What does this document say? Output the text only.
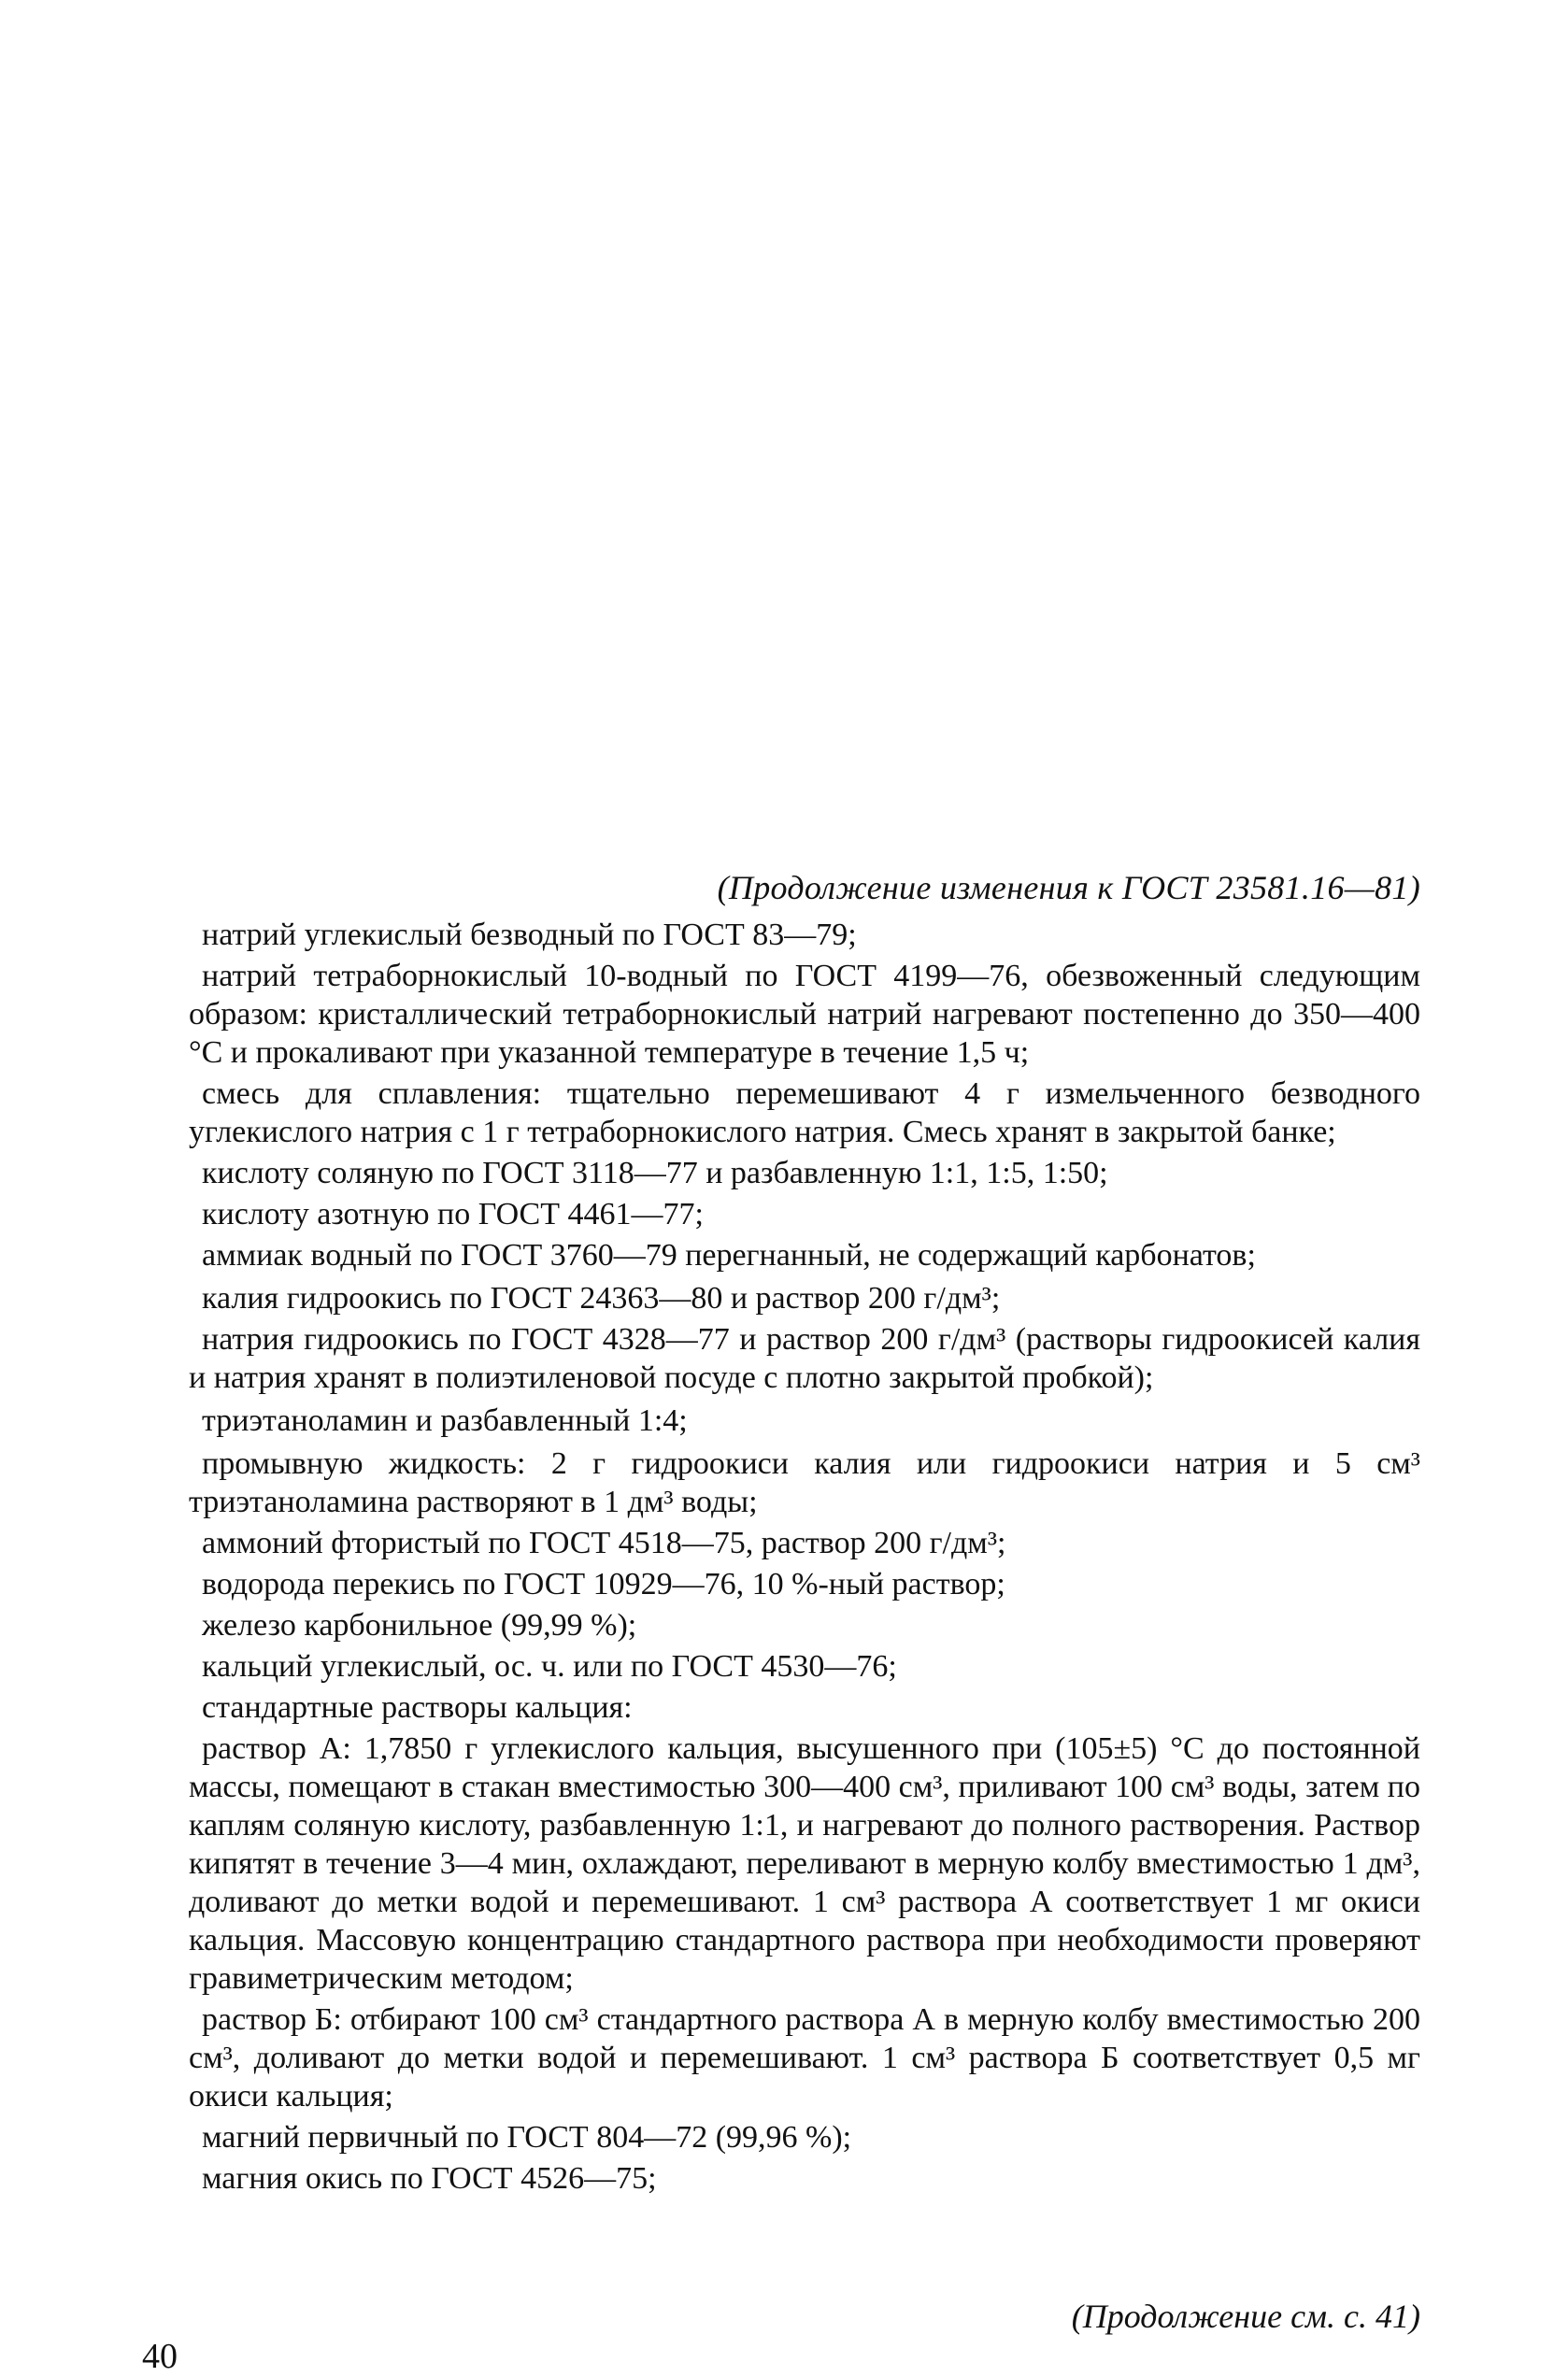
(Продолжение изменения к ГОСТ 23581.16—81)

натрий углекислый безводный по ГОСТ 83—79;

натрий тетраборнокислый 10-водный по ГОСТ 4199—76, обезвоженный следующим образом: кристаллический тетраборнокислый натрий нагревают постепенно до 350—400 °С и прокаливают при указанной температуре в течение 1,5 ч;

смесь для сплавления: тщательно перемешивают 4 г измельченного безводного углекислого натрия с 1 г тетраборнокислого натрия. Смесь хранят в закрытой банке;

кислоту соляную по ГОСТ 3118—77 и разбавленную 1:1, 1:5, 1:50;

кислоту азотную по ГОСТ 4461—77;

аммиак водный по ГОСТ 3760—79 перегнанный, не содержащий карбонатов;

калия гидроокись по ГОСТ 24363—80 и раствор 200 г/дм³;

натрия гидроокись по ГОСТ 4328—77 и раствор 200 г/дм³ (растворы гидроокисей калия и натрия хранят в полиэтиленовой посуде с плотно закрытой пробкой);

триэтаноламин и разбавленный 1:4;

промывную жидкость: 2 г гидроокиси калия или гидроокиси натрия и 5 см³ триэтаноламина растворяют в 1 дм³ воды;

аммоний фтористый по ГОСТ 4518—75, раствор 200 г/дм³;

водорода перекись по ГОСТ 10929—76, 10 %-ный раствор;

железо карбонильное (99,99 %);

кальций углекислый, ос. ч. или по ГОСТ 4530—76;

стандартные растворы кальция:

раствор А: 1,7850 г углекислого кальция, высушенного при (105±5) °С до постоянной массы, помещают в стакан вместимостью 300—400 см³, приливают 100 см³ воды, затем по каплям соляную кислоту, разбавленную 1:1, и нагревают до полного растворения. Раствор кипятят в течение 3—4 мин, охлаждают, переливают в мерную колбу вместимостью 1 дм³, доливают до метки водой и перемешивают. 1 см³ раствора А соответствует 1 мг окиси кальция. Массовую концентрацию стандартного раствора при необходимости проверяют гравиметрическим методом;

раствор Б: отбирают 100 см³ стандартного раствора А в мерную колбу вместимостью 200 см³, доливают до метки водой и перемешивают. 1 см³ раствора Б соответствует 0,5 мг окиси кальция;

магний первичный по ГОСТ 804—72 (99,96 %);

магния окись по ГОСТ 4526—75;

(Продолжение см. с. 41)
40
